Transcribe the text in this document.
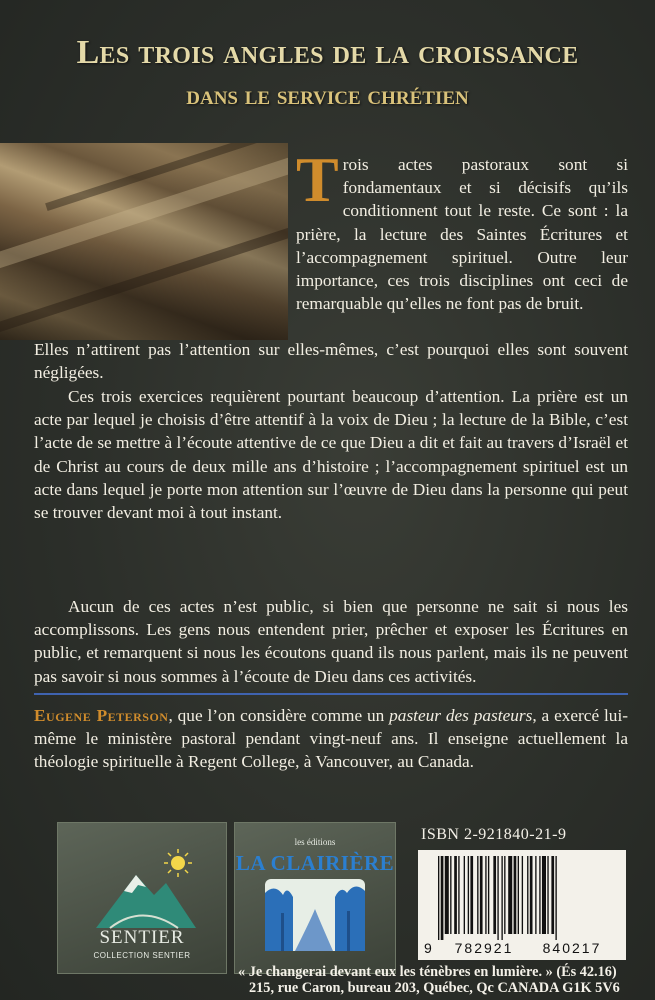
Les trois angles de la croissance
dans le service chrétien
Trois actes pastoraux sont si fondamentaux et si décisifs qu’ils conditionnent tout le reste. Ce sont : la prière, la lecture des Saintes Écritures et l’accompagnement spirituel. Outre leur importance, ces trois disciplines ont ceci de remarquable qu’elles ne font pas de bruit.
Elles n’attirent pas l’attention sur elles-mêmes, c’est pourquoi elles sont souvent négligées.
Ces trois exercices requièrent pourtant beaucoup d’attention. La prière est un acte par lequel je choisis d’être attentif à la voix de Dieu ; la lecture de la Bible, c’est l’acte de se mettre à l’écoute attentive de ce que Dieu a dit et fait au travers d’Israël et de Christ au cours de deux mille ans d’histoire ; l’accompagnement spirituel est un acte dans lequel je porte mon attention sur l’œuvre de Dieu dans la personne qui peut se trouver devant moi à tout instant.
Aucun de ces actes n’est public, si bien que personne ne sait si nous les accomplissons. Les gens nous entendent prier, prêcher et exposer les Écritures en public, et remarquent si nous les écoutons quand ils nous parlent, mais ils ne peuvent pas savoir si nous sommes à l’écoute de Dieu dans ces activités.
Eugene Peterson, que l’on considère comme un pasteur des pasteurs, a exercé lui-même le ministère pastoral pendant vingt-neuf ans. Il enseigne actuellement la théologie spirituelle à Regent College, à Vancouver, au Canada.
SENTIER
COLLECTION SENTIER
les éditions
LA CLAIRIÈRE
ISBN 2-921840-21-9
9	782921	840217
« Je changerai devant eux les ténèbres en lumière. » (És 42.16)
215, rue Caron, bureau 203, Québec, Qc CANADA G1K 5V6
